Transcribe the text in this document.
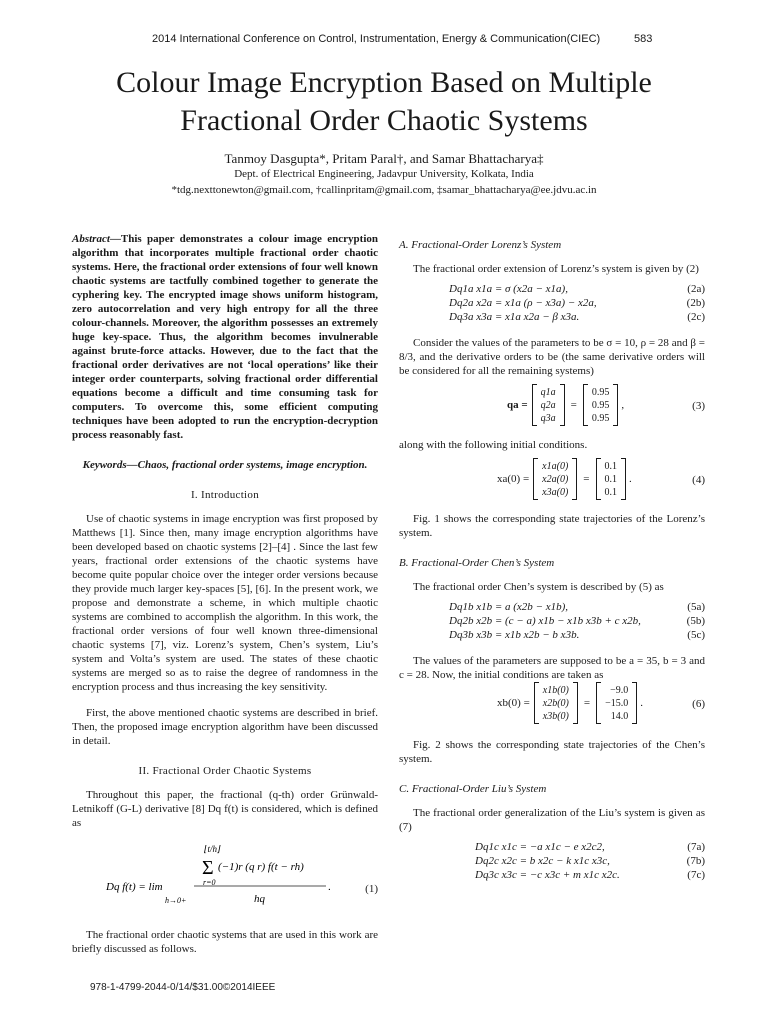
2014 International Conference on Control, Instrumentation, Energy & Communication(CIEC)	583
Colour Image Encryption Based on Multiple
Fractional Order Chaotic Systems
Tanmoy Dasgupta*, Pritam Paral†, and Samar Bhattacharya‡
Dept. of Electrical Engineering, Jadavpur University, Kolkata, India
*tdg.nexttonewton@gmail.com, †callinpritam@gmail.com, ‡samar_bhattacharya@ee.jdvu.ac.in

Abstract—This paper demonstrates a colour image encryption algorithm that incorporates multiple fractional order chaotic systems. Here, the fractional order extensions of four well known chaotic systems are tactfully combined together to generate the cyphering key. The encrypted image shows uniform histogram, zero autocorrelation and very high entropy for all the three colour-channels. Moreover, the algorithm possesses an extremely huge key-space. Thus, the algorithm becomes invulnerable against brute-force attacks. However, due to the fact that the fractional order derivatives are not ‘local operations’ like their integer order counterparts, solving fractional order differential equations become a difficult and time consuming task for computers. To overcome this, some efficient computing techniques have been adopted to run the encryption-decryption process reasonably fast.

Keywords—Chaos, fractional order systems, image encryption.

I. Introduction

Use of chaotic systems in image encryption was first proposed by Matthews [1]. Since then, many image encryption algorithms have been developed based on chaotic systems [2]–[4] . Since the last few years, fractional order extensions of the chaotic systems have become quite popular choice over the integer order versions because they provide much larger key-spaces [5], [6]. In the present work, we propose and demonstrate a scheme, in which multiple chaotic systems are combined to accomplish the algorithm. In this work, the fractional order versions of four well known three-dimensional chaotic systems [7], viz. Lorenz’s system, Chen’s system, Liu’s system and Volta’s system are used. The states of these chaotic systems are merged so as to raise the degree of randomness in the encryption process and thus increasing the key sensitivity.

First, the above mentioned chaotic systems are described in brief. Then, the proposed image encryption algorithm have been discussed in detail.

II. Fractional Order Chaotic Systems

Throughout this paper, the fractional (q-th) order Grünwald-Letnikoff (G-L) derivative [8] Dq f(t) is considered, which is defined as

⌊t/h⌋
Σ
r=0
(−1)r (q r) f(t − rh)
Dq f(t) = lim
h→0+	hq
.	(1)

The fractional order chaotic systems that are used in this work are briefly discussed as follows.

A. Fractional-Order Lorenz’s System

The fractional order extension of Lorenz’s system is given by (2)

Dq1a x1a = σ (x2a − x1a),	(2a)
Dq2a x2a = x1a (ρ − x3a) − x2a,	(2b)
Dq3a x3a = x1a x2a − β x3a.	(2c)

Consider the values of the parameters to be σ = 10, ρ = 28 and β = 8/3, and the derivative orders to be (the same derivative orders will be considered for all the remaining systems)

qa =
q1a
q2a
q3a
=
0.95
0.95
0.95
,	(3)

along with the following initial conditions.

xa(0) =
x1a(0)
x2a(0)
x3a(0)
=
0.1
0.1
0.1
.	(4)

Fig. 1 shows the corresponding state trajectories of the Lorenz’s system.

B. Fractional-Order Chen’s System

The fractional order Chen’s system is described by (5) as

Dq1b x1b = a (x2b − x1b),	(5a)
Dq2b x2b = (c − a) x1b − x1b x3b + c x2b,	(5b)
Dq3b x3b = x1b x2b − b x3b.	(5c)

The values of the parameters are supposed to be a = 35, b = 3 and c = 28. Now, the initial conditions are taken as

xb(0) =
x1b(0)
x2b(0)
x3b(0)
=
−9.0
−15.0
14.0
.	(6)

Fig. 2 shows the corresponding state trajectories of the Chen’s system.

C. Fractional-Order Liu’s System

The fractional order generalization of the Liu’s system is given as (7)

Dq1c x1c = −a x1c − e x2c2,	(7a)
Dq2c x2c = b x2c − k x1c x3c,	(7b)
Dq3c x3c = −c x3c + m x1c x2c.	(7c)
978-1-4799-2044-0/14/$31.00©2014IEEE
